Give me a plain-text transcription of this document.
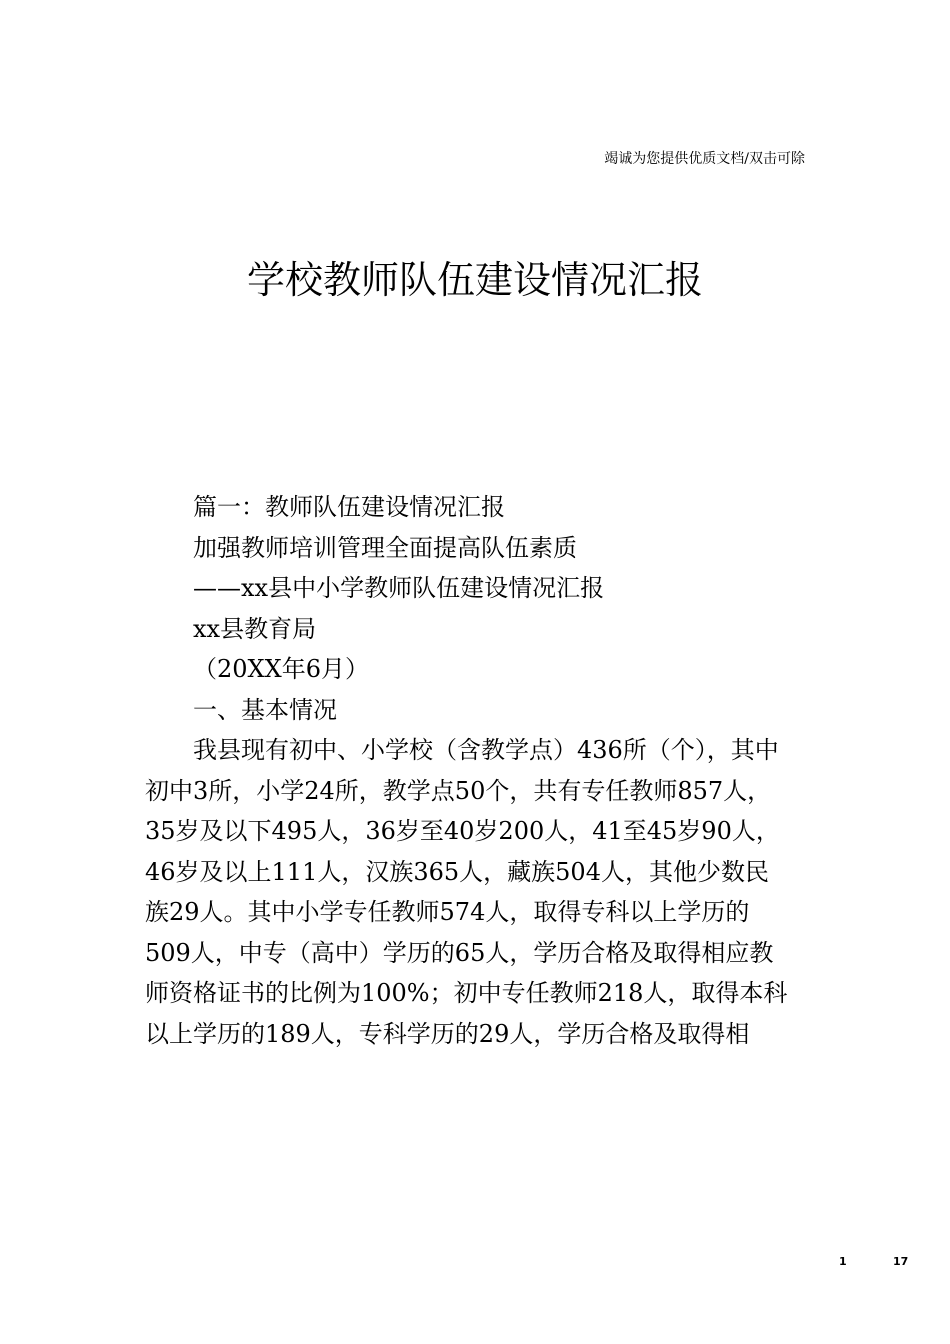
竭诚为您提供优质文档/双击可除
学校教师队伍建设情况汇报
篇一：教师队伍建设情况汇报
加强教师培训管理全面提高队伍素质
——xx县中小学教师队伍建设情况汇报
xx县教育局
（20XX年6月）
一、基本情况
我县现有初中、小学校（含教学点）436所（个），其中
初中3所，小学24所，教学点50个，共有专任教师857人，
35岁及以下495人，36岁至40岁200人，41至45岁90人，
46岁及以上111人，汉族365人，藏族504人，其他少数民
族29人。其中小学专任教师574人，取得专科以上学历的
509人，中专（高中）学历的65人，学历合格及取得相应教
师资格证书的比例为100%；初中专任教师218人，取得本科
以上学历的189人，专科学历的29人，学历合格及取得相
1	17
